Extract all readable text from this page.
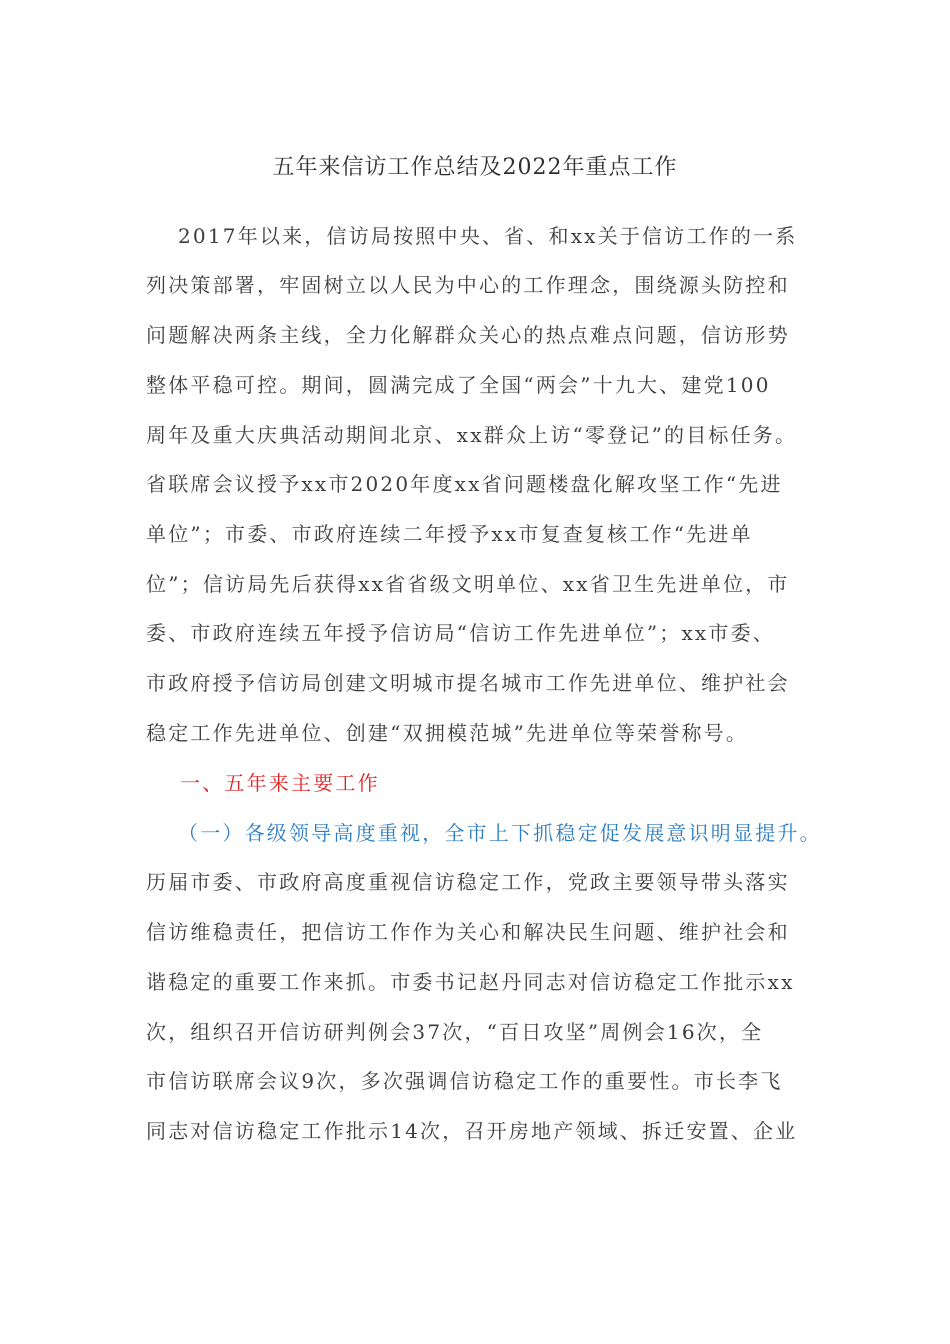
五年来信访工作总结及2022年重点工作
2017年以来，信访局按照中央、省、和xx关于信访工作的一系
列决策部署，牢固树立以人民为中心的工作理念，围绕源头防控和
问题解决两条主线，全力化解群众关心的热点难点问题，信访形势
整体平稳可控。期间，圆满完成了全国“两会”十九大、建党100
周年及重大庆典活动期间北京、xx群众上访“零登记”的目标任务。
省联席会议授予xx市2020年度xx省问题楼盘化解攻坚工作“先进
单位”；市委、市政府连续二年授予xx市复查复核工作“先进单
位”；信访局先后获得xx省省级文明单位、xx省卫生先进单位，市
委、市政府连续五年授予信访局“信访工作先进单位”；xx市委、
市政府授予信访局创建文明城市提名城市工作先进单位、维护社会
稳定工作先进单位、创建“双拥模范城”先进单位等荣誉称号。
一、五年来主要工作
（一）各级领导高度重视，全市上下抓稳定促发展意识明显提升。
历届市委、市政府高度重视信访稳定工作，党政主要领导带头落实
信访维稳责任，把信访工作作为关心和解决民生问题、维护社会和
谐稳定的重要工作来抓。市委书记赵丹同志对信访稳定工作批示xx
次，组织召开信访研判例会37次，“百日攻坚”周例会16次，全
市信访联席会议9次，多次强调信访稳定工作的重要性。市长李飞
同志对信访稳定工作批示14次，召开房地产领域、拆迁安置、企业
